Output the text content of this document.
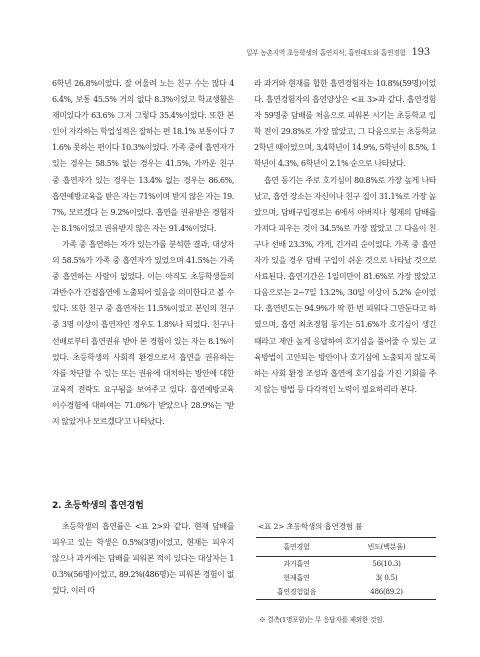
일부 농촌지역 초등학생의 흡연지식, 흡연태도와 흡연경험 193

6학년 26.8%이었다. 잘 어울려 노는 친구 수는 많다 46.4%, 보통 45.5% 거의 없다 8.3%이었고 학교생활은 재미있다가 63.6% 그저 그렇다 35.4%이었다. 또한 본인이 자각하는 학업성적은 잘하는 편 18.1% 보통이다 71.6% 못하는 편이다 10.3%이었다. 가족 중에 흡연자가 있는 경우는 58.5% 없는 경우는 41.5%, 가까운 친구 중 흡연자가 있는 경우는 13.4% 없는 경우는 86.6%, 흡연예방교육을 받은 자는 71%이며 받지 않은 자는 19.7%, 모르겠다 는 9.2%이었다. 흡연을 권유받은 경험자는 8.1%이었고 권유받지 않은 자는 91.4%이었다.

가족 중 흡연하는 자가 있는가를 분석한 결과, 대상자의 58.5%가 가족 중 흡연자가 있었으며 41.5%는 가족 중 흡연하는 사람이 없었다. 이는 아직도 초등학생들의 과반수가 간접흡연에 노출되어 있음을 의미한다고 볼 수 있다. 또한 친구 중 흡연자는 11.5%이었고 본인의 친구 중 3명 이상이 흡연자인 경우도 1.8%나 되었다. 친구나 선배로부터 흡연권유 받아 본 경험이 있는 자는 8.1%이었다. 초등학생의 사회적 환경으로서 흡연을 권유하는 자를 차단할 수 있는 또는 권유에 대처하는 방안에 대한 교육적 전략도 요구됨을 보여주고 있다. 흡연예방교육 이수경험에 대하여는 71.0%가 받았으나 28.9%는 '받지 않았거나 모르겠다'고 나타났다.

2. 초등학생의 흡연경험

초등학생의 흡연률은 <표 2>와 같다. 현재 담배를 피우고 있는 학생은 0.5%(3명)이었고, 현재는 피우지 않으나 과거에는 담배를 피워본 적이 있다는 대상자는 10.3%(56명)이었고, 89.2%(486명)는 피워본 경험이 없었다. 이러 따

라 과거와 현재를 합한 흡연경험자는 10.8%(59명)이었다. 흡연경험자의 흡연양상은 <표 3>과 같다. 흡연경험자 59명중 담배를 처음으로 피워본 시기는 초등학교 입학 전이 29.8%로 가장 많았고, 그 다음으로는 초등학교 2학년 때이었으며, 3,4학년이 14.9%, 5학년이 8.5%, 1학년이 4.3%, 6학년이 2.1% 순으로 나타났다.

흡연 동기는 주로 호기심이 80.8%로 가장 높게 나타났고, 흡연 장소는 자신이나 친구 집이 31.1%로 가장 높았으며, 담배구입경로는 6에서 아버지나 형제의 담배를 가져다 피우는 것이 34.5%로 가장 많았고 그 다음이 친구나 선배 23.3%, 가게, 긴거리 순이었다. 가족 중 흡연자가 있을 경우 담배 구입이 쉬운 것으로 나타났 것으로 사료된다. 흡연기간은 1일미만이 81.6%로 가장 많았고 다음으로는 2~7일 13.2%, 30일 이상이 5.2% 순이었다. 흡연빈도는 94.9%가 딱 한 번 피워다 그만둔다고 하였으며, 흡연 최초경험 동기는 51.6%가 호기심이 생긴 때라고 제안 높게 응답하여 호기심을 풀어줄 수 있는 교육방법이 고안되는 방안이나 호기심에 노출되지 않도록 하는 사회 환경 조성과 흡연에 호기심을 가진 기회를 주지 않는 방법 등 다각적인 노력이 필요하리라 본다.

<표 2> 초등학생의 흡연경험 률
흡연경험	빈도(백분율)
과거흡연	56(10.3)
현재흡연	3( 0.5)
흡연경험없음	486(89.2)
※ 결측(1명포함)는 무 응답자를 제외한 것임.
